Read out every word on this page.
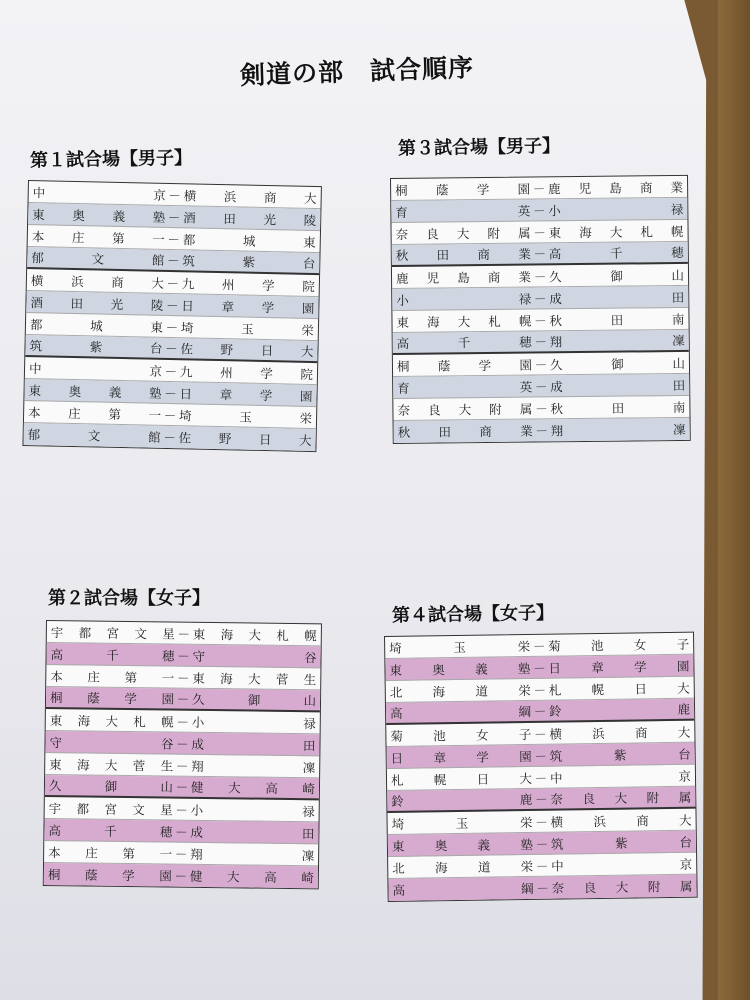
剣道の部　試合順序
第１試合場【男子】
中	京 － 横 浜 商 大
東 奥 義 塾 － 酒 田 光 陵
本 庄 第 一 － 都	城	東
郁	文	館 － 筑	紫	台
横 浜 商 大 － 九 州 学 院
酒 田 光 陵 － 日 章 学 園
都	城	東 － 埼	玉	栄
筑	紫	台 － 佐 野 日 大
中	京 － 九 州 学 院
東 奥 義 塾 － 日 章 学 園
本 庄 第 一 － 埼	玉	栄
郁	文	館 － 佐 野 日 大
第３試合場【男子】
桐 蔭 学 園 － 鹿 児 島 商 業
育	英 － 小	禄
奈 良 大 附 属 － 東 海 大 札 幌
秋 田 商 業 － 高	千	穂
鹿 児 島 商 業 － 久	御	山
小	禄 － 成	田
東 海 大 札 幌 － 秋	田	南
高	千	穂 － 翔	凜
桐 蔭 学 園 － 久	御	山
育	英 － 成	田
奈 良 大 附 属 － 秋	田	南
秋 田 商 業 － 翔	凜
第２試合場【女子】
宇 都 宮 文 星 － 東 海 大 札 幌
高	千	穂 － 守	谷
本 庄 第 一 － 東 海 大 菅 生
桐 蔭 学 園 － 久	御	山
東 海 大 札 幌 － 小	禄
守	谷 － 成	田
東 海 大 菅 生 － 翔	凜
久	御	山 － 健 大 高 崎
宇 都 宮 文 星 － 小	禄
高	千	穂 － 成	田
本 庄 第 一 － 翔	凜
桐 蔭 学 園 － 健 大 高 崎
第４試合場【女子】
埼	玉	栄 － 菊 池 女 子
東 奥 義 塾 － 日 章 学 園
北 海 道 栄 － 札 幌 日 大
高	綱 － 鈴	鹿
菊 池 女 子 － 横 浜 商 大
日 章 学 園 － 筑	紫	台
札 幌 日 大 － 中	京
鈴	鹿 － 奈 良 大 附 属
埼	玉	栄 － 横 浜 商 大
東 奥 義 塾 － 筑	紫	台
北 海 道 栄 － 中	京
高	綱 － 奈 良 大 附 属
